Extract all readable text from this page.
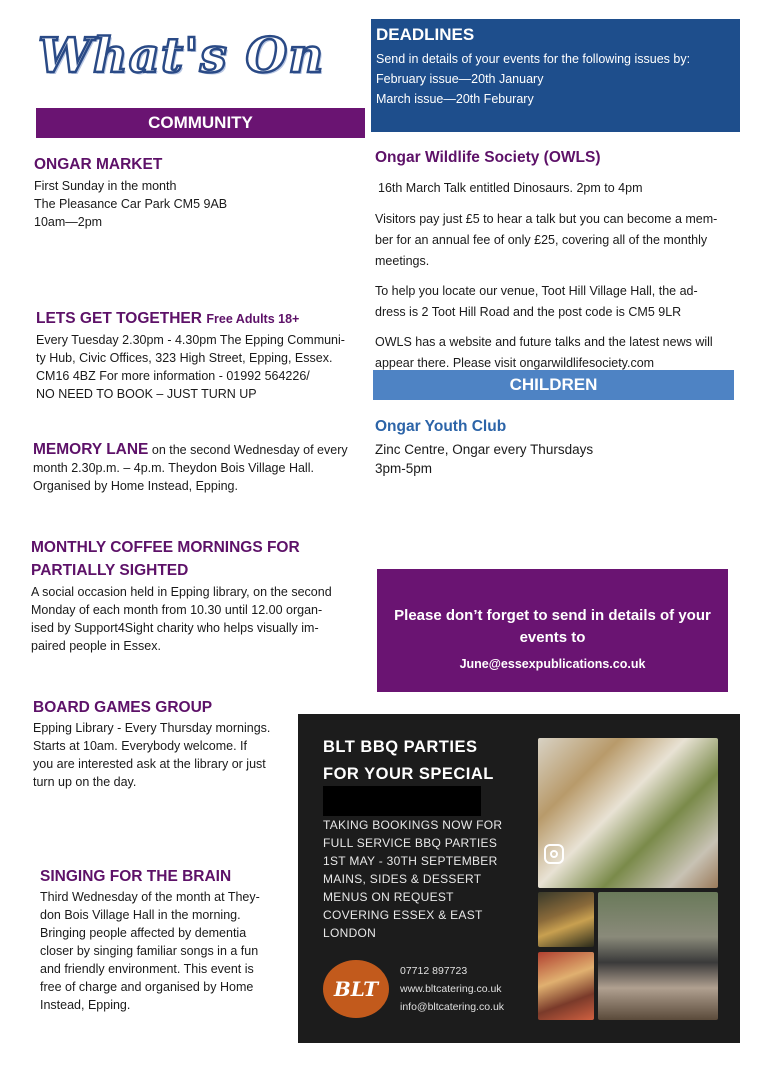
What's On
COMMUNITY
ONGAR MARKET
First Sunday in the month
The Pleasance Car Park CM5 9AB
10am—2pm
LETS GET TOGETHER Free Adults 18+
Every Tuesday 2.30pm - 4.30pm The Epping Communi-
ty Hub, Civic Offices, 323 High Street, Epping, Essex.
CM16 4BZ For more information - 01992 564226/
NO NEED TO BOOK – JUST TURN UP
MEMORY LANE on the second Wednesday of every
month 2.30p.m. – 4p.m. Theydon Bois Village Hall.
Organised by Home Instead, Epping.
MONTHLY COFFEE MORNINGS FOR
PARTIALLY SIGHTED
A social occasion held in Epping library, on the second
Monday of each month from 10.30 until 12.00 organ-
ised by Support4Sight charity who helps visually im-
paired people in Essex.
BOARD GAMES GROUP
Epping Library - Every Thursday mornings.
Starts at 10am. Everybody welcome. If
you are interested ask at the library or just
turn up on the day.
SINGING FOR THE BRAIN
Third Wednesday of the month at They-
don Bois Village Hall in the morning.
Bringing people affected by dementia
closer by singing familiar songs in a fun
and friendly environment. This event is
free of charge and organised by Home
Instead, Epping.
DEADLINES
Send in details of your events for the following issues by:
February issue—20th January
March issue—20th Feburary
Ongar Wildlife Society (OWLS)

16th March Talk entitled Dinosaurs. 2pm to 4pm

Visitors pay just £5 to hear a talk but you can become a mem-
ber for an annual fee of only £25, covering all of the monthly
meetings.

To help you locate our venue, Toot Hill Village Hall, the ad-
dress is 2 Toot Hill Road and the post code is CM5 9LR

OWLS has a website and future talks and the latest news will
appear there. Please visit ongarwildlifesociety.com

CHILDREN
Ongar Youth Club
Zinc Centre, Ongar every Thursdays
3pm-5pm
Please don’t forget to send in details of your
events to
June@essexpublications.co.uk
BLT BBQ PARTIES
FOR YOUR SPECIAL
TAKING BOOKINGS NOW FOR
FULL SERVICE BBQ PARTIES
1ST MAY - 30TH SEPTEMBER
MAINS, SIDES & DESSERT
MENUS ON REQUEST
COVERING ESSEX & EAST
LONDON
BLT
07712 897723
www.bltcatering.co.uk
info@bltcatering.co.uk
